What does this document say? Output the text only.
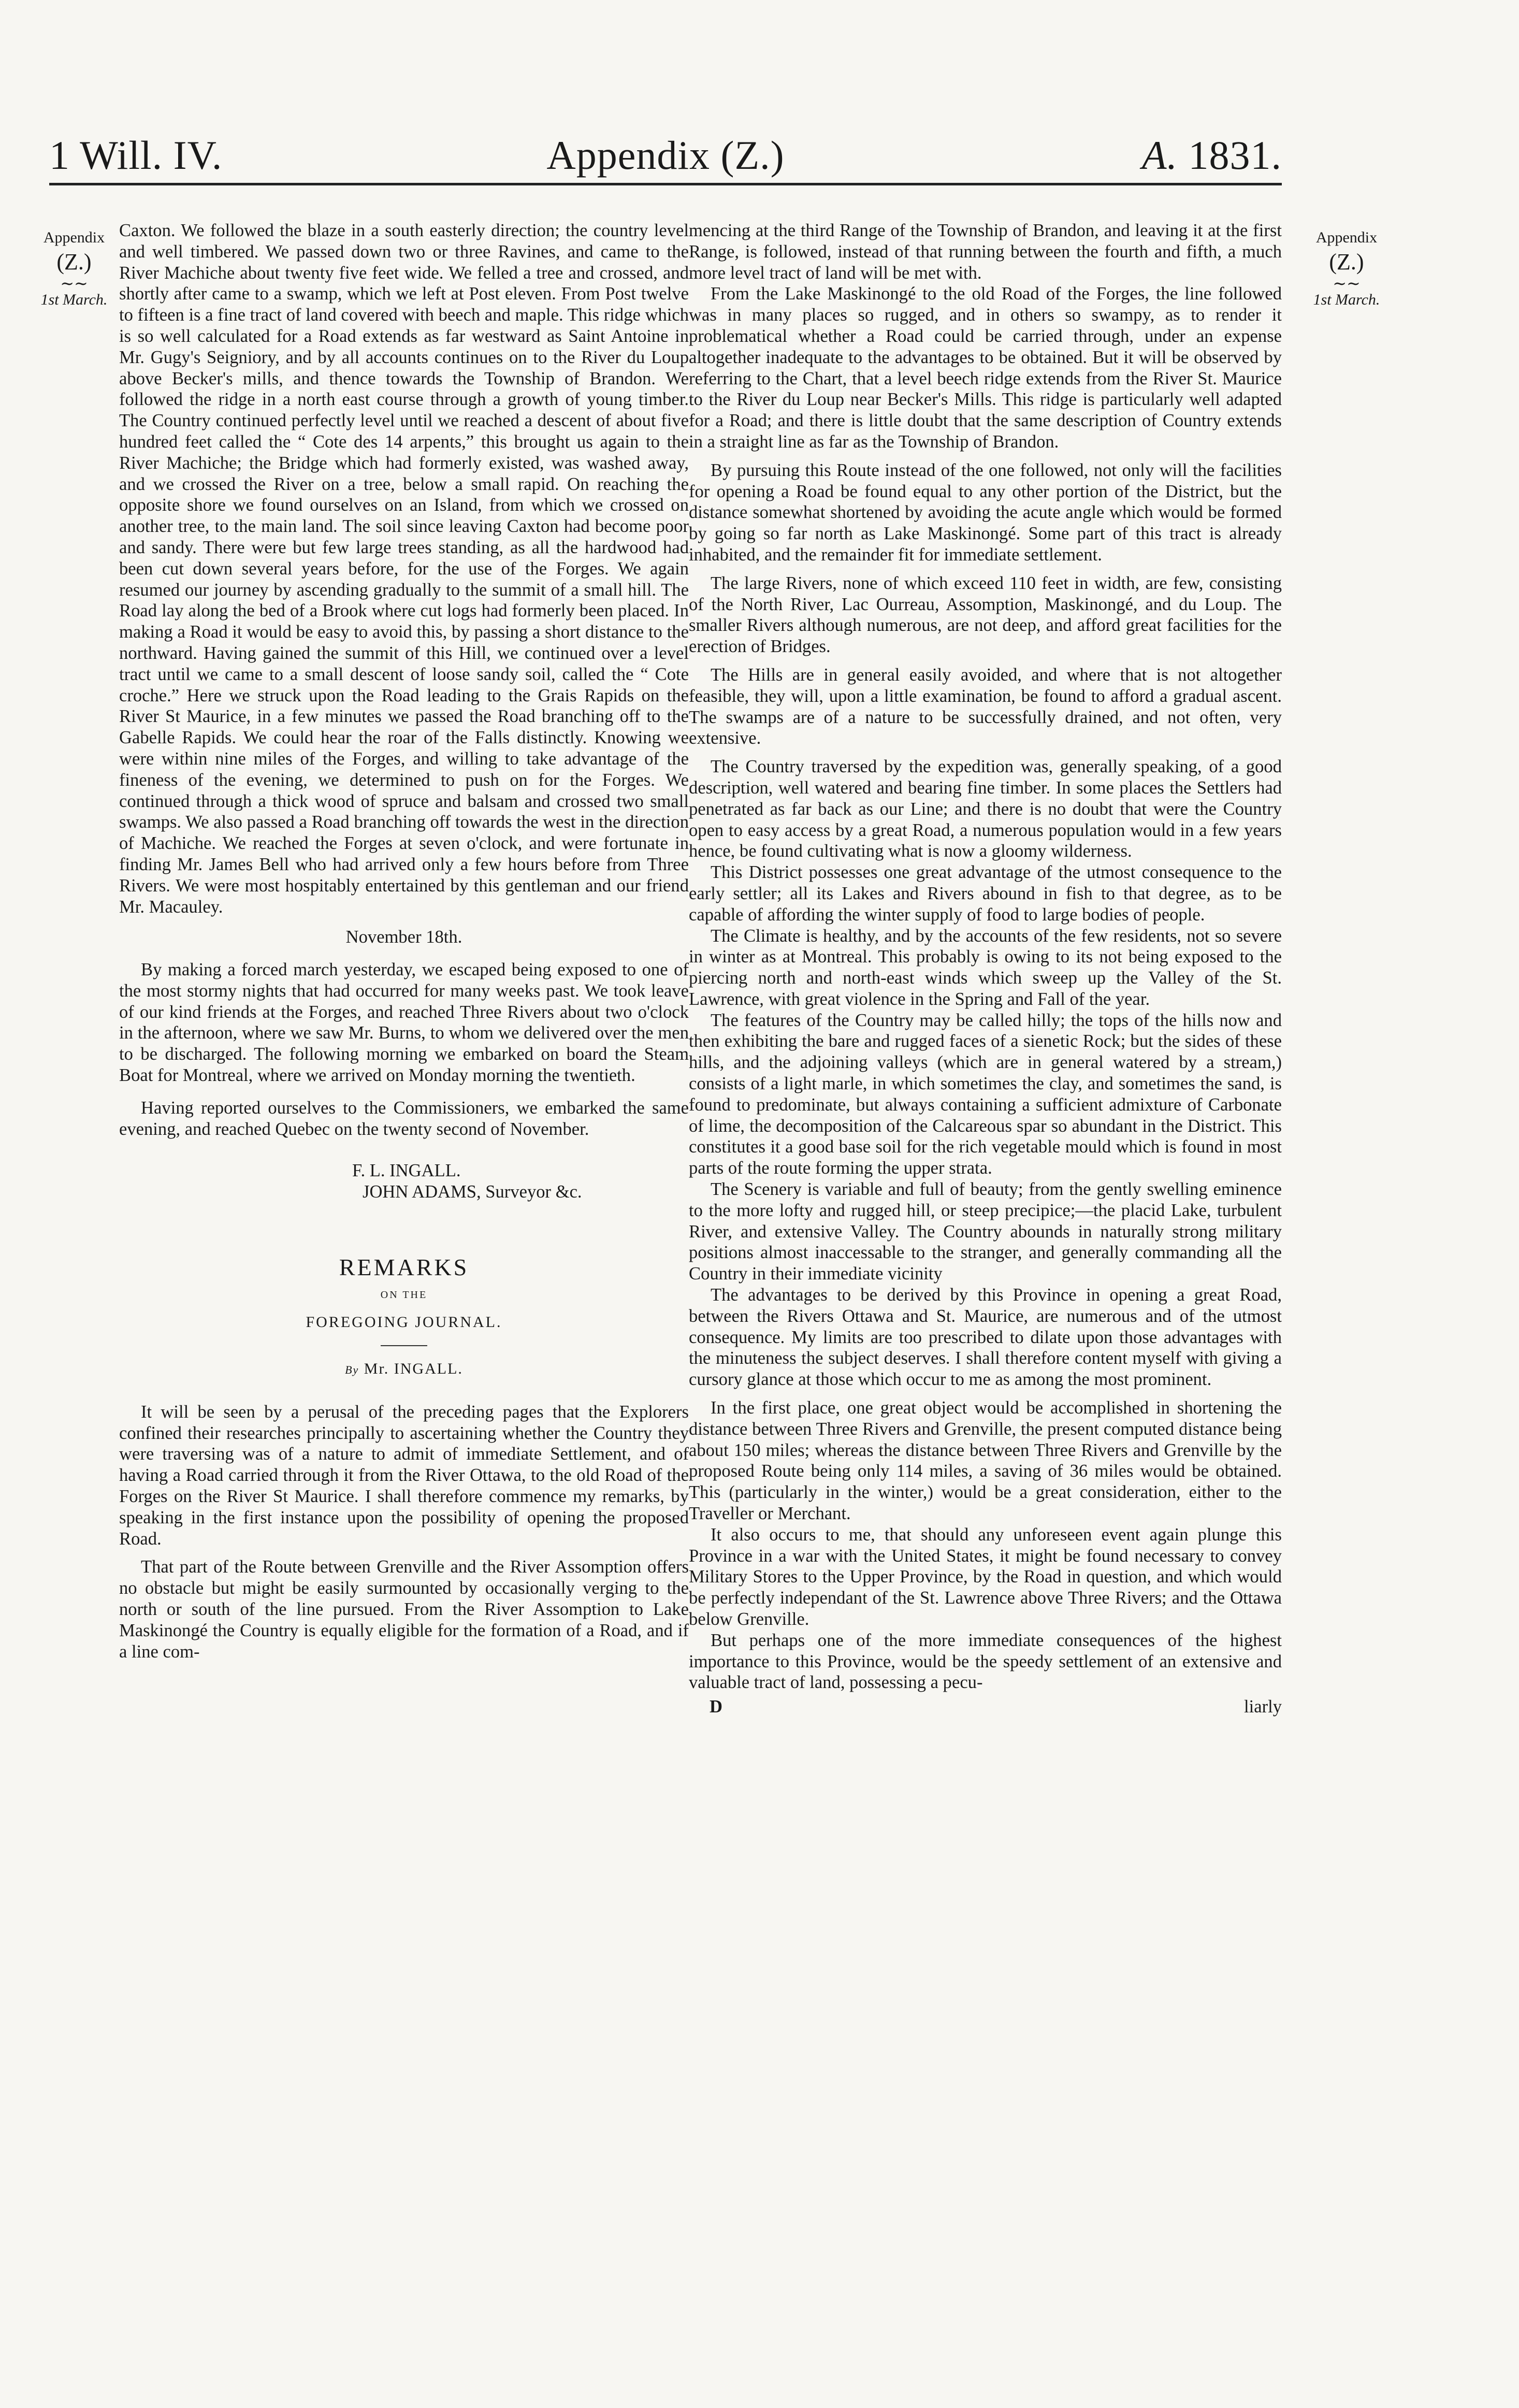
1 Will. IV.	Appendix (Z.)	A. 1831.
Appendix
(Z.)
∼∼
1st March.
Appendix
(Z.)
∼∼
1st March.

Caxton. We followed the blaze in a south easterly direction; the country level and well timbered. We passed down two or three Ravines, and came to the River Machiche about twenty five feet wide. We felled a tree and crossed, and shortly after came to a swamp, which we left at Post eleven. From Post twelve to fifteen is a fine tract of land covered with beech and maple. This ridge which is so well calculated for a Road extends as far westward as Saint Antoine in Mr. Gugy's Seigniory, and by all accounts continues on to the River du Loup above Becker's mills, and thence towards the Township of Brandon. We followed the ridge in a north east course through a growth of young timber. The Country continued perfectly level until we reached a descent of about five hundred feet called the “ Cote des 14 arpents,” this brought us again to the River Machiche; the Bridge which had formerly existed, was washed away, and we crossed the River on a tree, below a small rapid. On reaching the opposite shore we found ourselves on an Island, from which we crossed on another tree, to the main land. The soil since leaving Caxton had become poor and sandy. There were but few large trees standing, as all the hardwood had been cut down several years before, for the use of the Forges. We again resumed our journey by ascending gradually to the summit of a small hill. The Road lay along the bed of a Brook where cut logs had formerly been placed. In making a Road it would be easy to avoid this, by passing a short distance to the northward. Having gained the summit of this Hill, we continued over a level tract until we came to a small descent of loose sandy soil, called the “ Cote croche.” Here we struck upon the Road leading to the Grais Rapids on the River St Maurice, in a few minutes we passed the Road branching off to the Gabelle Rapids. We could hear the roar of the Falls distinctly. Knowing we were within nine miles of the Forges, and willing to take advantage of the fineness of the evening, we determined to push on for the Forges. We continued through a thick wood of spruce and balsam and crossed two small swamps. We also passed a Road branching off towards the west in the direction of Machiche. We reached the Forges at seven o'clock, and were fortunate in finding Mr. James Bell who had arrived only a few hours before from Three Rivers. We were most hospitably entertained by this gentleman and our friend Mr. Macauley.

November 18th.

By making a forced march yesterday, we escaped being exposed to one of the most stormy nights that had occurred for many weeks past. We took leave of our kind friends at the Forges, and reached Three Rivers about two o'clock in the afternoon, where we saw Mr. Burns, to whom we delivered over the men to be discharged. The following morning we embarked on board the Steam Boat for Montreal, where we arrived on Monday morning the twentieth.

Having reported ourselves to the Commissioners, we embarked the same evening, and reached Quebec on the twenty second of November.

F. L. INGALL.

JOHN ADAMS, Surveyor &c.

REMARKS

ON THE

FOREGOING JOURNAL.

By Mr. INGALL.

It will be seen by a perusal of the preceding pages that the Explorers confined their researches principally to ascertaining whether the Country they were traversing was of a nature to admit of immediate Settlement, and of having a Road carried through it from the River Ottawa, to the old Road of the Forges on the River St Maurice. I shall therefore commence my remarks, by speaking in the first instance upon the possibility of opening the proposed Road.

That part of the Route between Grenville and the River Assomption offers no obstacle but might be easily surmounted by occasionally verging to the north or south of the line pursued. From the River Assomption to Lake Maskinongé the Country is equally eligible for the formation of a Road, and if a line com-

mencing at the third Range of the Township of Brandon, and leaving it at the first Range, is followed, instead of that running between the fourth and fifth, a much more level tract of land will be met with.

From the Lake Maskinongé to the old Road of the Forges, the line followed was in many places so rugged, and in others so swampy, as to render it problematical whether a Road could be carried through, under an expense altogether inadequate to the advantages to be obtained. But it will be observed by referring to the Chart, that a level beech ridge extends from the River St. Maurice to the River du Loup near Becker's Mills. This ridge is particularly well adapted for a Road; and there is little doubt that the same description of Country extends in a straight line as far as the Township of Brandon.

By pursuing this Route instead of the one followed, not only will the facilities for opening a Road be found equal to any other portion of the District, but the distance somewhat shortened by avoiding the acute angle which would be formed by going so far north as Lake Maskinongé. Some part of this tract is already inhabited, and the remainder fit for immediate settlement.

The large Rivers, none of which exceed 110 feet in width, are few, consisting of the North River, Lac Ourreau, Assomption, Maskinongé, and du Loup. The smaller Rivers although numerous, are not deep, and afford great facilities for the erection of Bridges.

The Hills are in general easily avoided, and where that is not altogether feasible, they will, upon a little examination, be found to afford a gradual ascent. The swamps are of a nature to be successfully drained, and not often, very extensive.

The Country traversed by the expedition was, generally speaking, of a good description, well watered and bearing fine timber. In some places the Settlers had penetrated as far back as our Line; and there is no doubt that were the Country open to easy access by a great Road, a numerous population would in a few years hence, be found cultivating what is now a gloomy wilderness.

This District possesses one great advantage of the utmost consequence to the early settler; all its Lakes and Rivers abound in fish to that degree, as to be capable of affording the winter supply of food to large bodies of people.

The Climate is healthy, and by the accounts of the few residents, not so severe in winter as at Montreal. This probably is owing to its not being exposed to the piercing north and north-east winds which sweep up the Valley of the St. Lawrence, with great violence in the Spring and Fall of the year.

The features of the Country may be called hilly; the tops of the hills now and then exhibiting the bare and rugged faces of a sienetic Rock; but the sides of these hills, and the adjoining valleys (which are in general watered by a stream,) consists of a light marle, in which sometimes the clay, and sometimes the sand, is found to predominate, but always containing a sufficient admixture of Carbonate of lime, the decomposition of the Calcareous spar so abundant in the District. This constitutes it a good base soil for the rich vegetable mould which is found in most parts of the route forming the upper strata.

The Scenery is variable and full of beauty; from the gently swelling eminence to the more lofty and rugged hill, or steep precipice;—the placid Lake, turbulent River, and extensive Valley. The Country abounds in naturally strong military positions almost inaccessable to the stranger, and generally commanding all the Country in their immediate vicinity

The advantages to be derived by this Province in opening a great Road, between the Rivers Ottawa and St. Maurice, are numerous and of the utmost consequence. My limits are too prescribed to dilate upon those advantages with the minuteness the subject deserves. I shall therefore content myself with giving a cursory glance at those which occur to me as among the most prominent.

In the first place, one great object would be accomplished in shortening the distance between Three Rivers and Grenville, the present computed distance being about 150 miles; whereas the distance between Three Rivers and Grenville by the proposed Route being only 114 miles, a saving of 36 miles would be obtained. This (particularly in the winter,) would be a great consideration, either to the Traveller or Merchant.

It also occurs to me, that should any unforeseen event again plunge this Province in a war with the United States, it might be found necessary to convey Military Stores to the Upper Province, by the Road in question, and which would be perfectly independant of the St. Lawrence above Three Rivers; and the Ottawa below Grenville.

But perhaps one of the more immediate consequences of the highest importance to this Province, would be the speedy settlement of an extensive and valuable tract of land, possessing a pecu-

D	liarly
